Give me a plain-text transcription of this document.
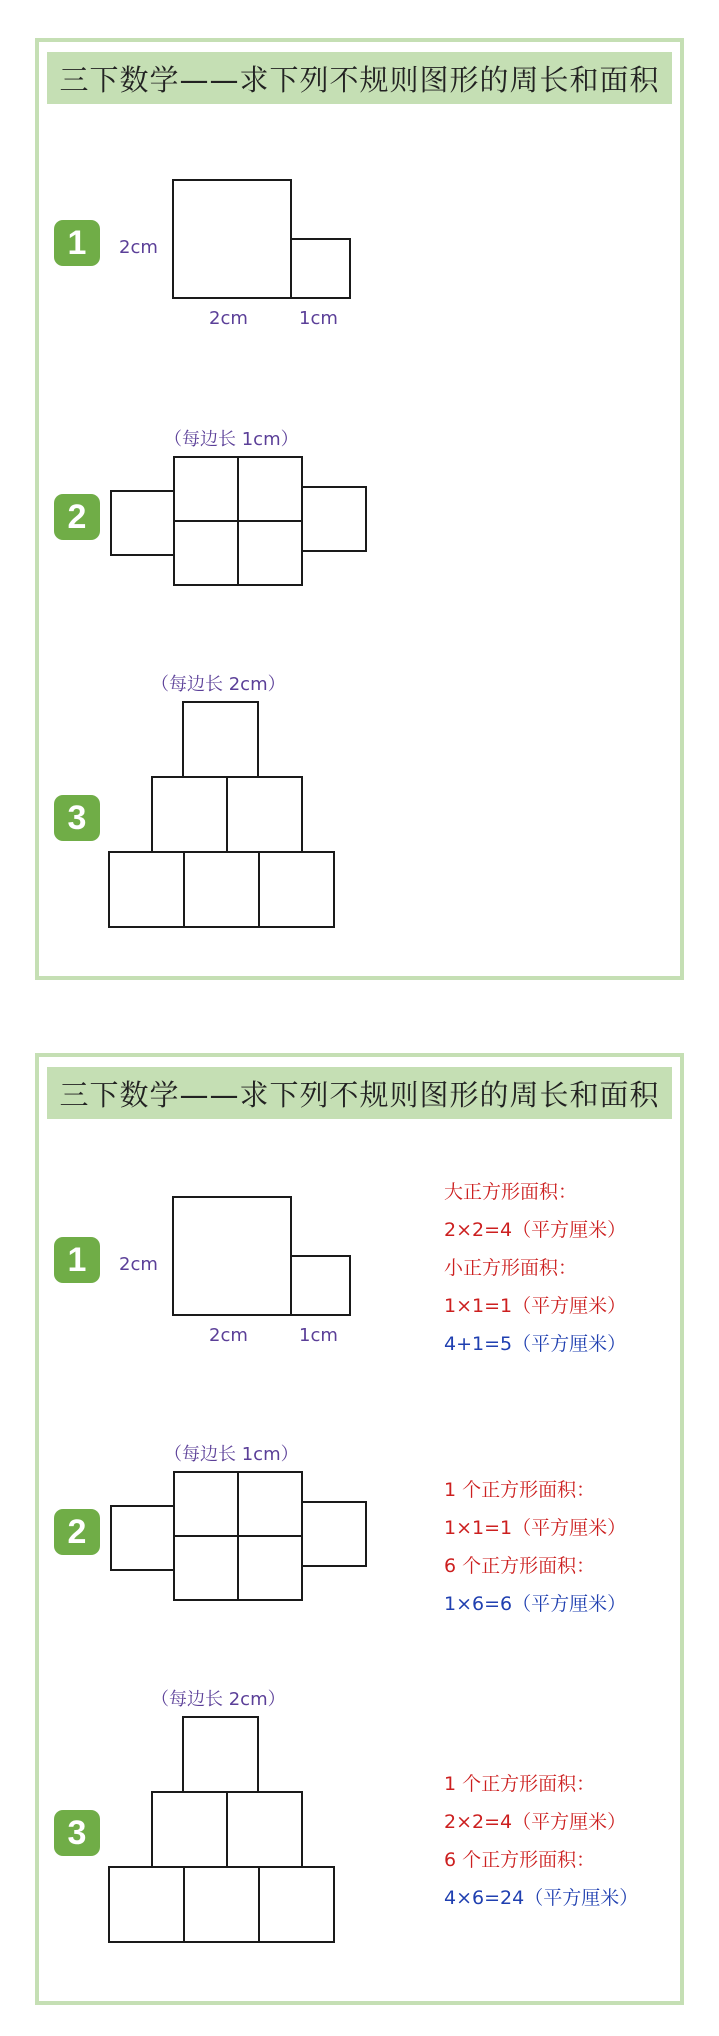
三下数学——求下列不规则图形的周长和面积
1	2cm
2cm	1cm
（每边长 1cm）
2
（每边长 2cm）
3
三下数学——求下列不规则图形的周长和面积
1	2cm
2cm	1cm
大正方形面积：
2×2=4（平方厘米）
小正方形面积：
1×1=1（平方厘米）
4+1=5（平方厘米）
（每边长 1cm）
2
1 个正方形面积：
1×1=1（平方厘米）
6 个正方形面积：
1×6=6（平方厘米）
（每边长 2cm）
3
1 个正方形面积：
2×2=4（平方厘米）
6 个正方形面积：
4×6=24（平方厘米）
